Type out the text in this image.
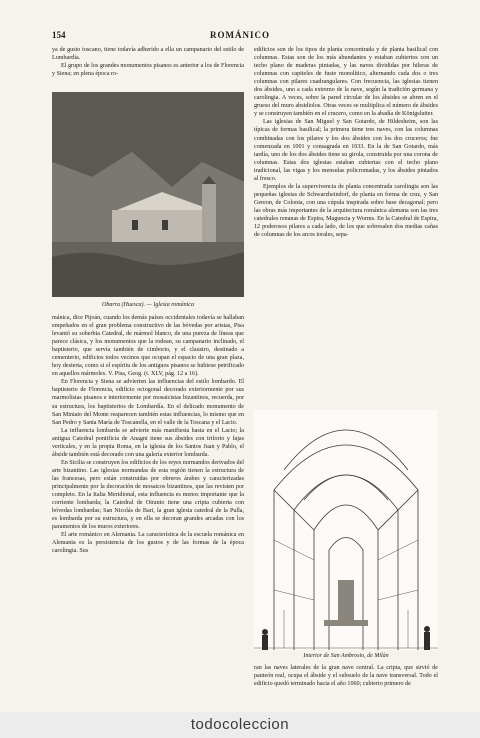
154	ROMÁNICO

ya de gusto toscano, tiene todavía adherido a ella un campanario del estilo de Lombardía.

El grupo de los grandes monumentos pisanos es anterior a los de Florencia y Siena; en plena época ro-

Obarra (Huesca). — Iglesia románica

mánica, dice Pijoán, cuando los demás países occidentales todavía se hallaban empeñados en el gran problema constructivo de las bóvedas por aristas, Pisa levantó su soberbia Catedral, de mármol blanco, de una pureza de líneas que parece clásica, y los monumentos que la rodean, su campanario inclinado, el baptisterio, que servía también de cimborio, y el claustro, destinado a cementerio, edificios todos vecinos que ocupan el espacio de una gran plaza, hoy desierta, como si el espíritu de los antiguos pisanos se hubiese petrificado en aquellos mármoles. V. Pisa, Geog. (t. XLV, pág. 12 a 16).

En Florencia y Siena se advierten las influencias del estilo lombardo. El baptisterio de Florencia, edificio octogonal decorado exteriormente por sus marmolistas pisanos e interiormente por mosaicistas bizantinos, recuerda, por su estructura, los baptisterios de Lombardía. En el delicado monumento de San Miniato del Monte reaparecen también estas influencias, lo mismo que en San Pedro y Santa María de Toscanella, en el valle de la Toscana y el Lacio.

La influencia lombarda se advierte más manifiesta hasta en el Lacio; la antigua Catedral pontificia de Anagni tiene sus ábsides con triforio y fajas verticales, y en la propia Roma, en la iglesia de los Santos Juan y Pablo, el ábside también está decorado con una galería exterior lombarda.

En Sicilia se construyen los edificios de los reyes normandos derivados del arte bizantino. Las iglesias normandas de esta región tienen la estructura de las francesas, pero están construidas por obreros árabes y caracterizadas principalmente por la decoración de mosaicos bizantinos, que las revisten por completo. En la Italia Meridional, esta influencia es menos importante que la corriente lombarda; la Catedral de Otranto tiene una cripta cubierta con bóvedas lombardas; San Nicolás de Bari, la gran iglesia catedral de la Pulla, es lombarda por su estructura, y en ella se decoran grandes arcadas con los paramentos de los muros exteriores.

El arte románico en Alemania. La característica de la escuela románica en Alemania es la persistencia de los gustos y de las formas de la época carolingia. Sus

edificios son de los tipos de planta concentrada y de planta basilical con columnas. Estas son de los más abundantes y estaban cubiertos con un techo plano de maderas pintadas, y las naves divididas por hileras de columnas con capiteles de fuste monolítico, alternando cada dos o tres columnas con pilares cuadrangulares. Con frecuencia, las iglesias tienen dos ábsides, uno a cada extremo de la nave, según la tradición germana y carolingia. A veces, sobre la pared circular de los ábsides se abren en el grueso del muro absidiolos. Otras veces se multiplica el número de ábsides y se construyen también en el crucero, como en la abadía de Königslutter.

Las iglesias de San Miguel y San Gotardo, de Hildesheim, son las típicas de formas basilical; la primera tiene tres naves, con las columnas combinadas con los pilares y los dos ábsides con los dos cruceros; fue comenzada en 1001 y consagrada en 1033. En la de San Gotardo, más tardía, uno de los dos ábsides tiene su girola, construida por una corona de columnas. Estas dos iglesias estaban cubiertas con el techo plano tradicional, las vigas y los mensulas policromadas, y los ábsides pintados al fresco.

Ejemplos de la supervivencia de planta concentrada carolingia son las pequeñas iglesias de Schwarzheindorf, de planta en forma de cruz, y San Gereon, de Colonia, con una cúpula inspirada sobre base decagonal; pero las obras más importantes de la arquitectura románica alemana son las tres catedrales renanas de Espira, Maguncia y Worms. En la Catedral de Espira, 12 poderosos pilares a cada lado, de los que sobresalen dos medias cañas de columnas de los arcos torales, sepa-

Interior de San Ambrosio, de Milán

ran las naves laterales de la gran nave central. La cripta, que sirvió de panteón real, ocupa el ábside y el subsuelo de la nave transversal. Todo el edificio quedó terminado hacia el año 1060; cubierto primero de

todocoleccion
